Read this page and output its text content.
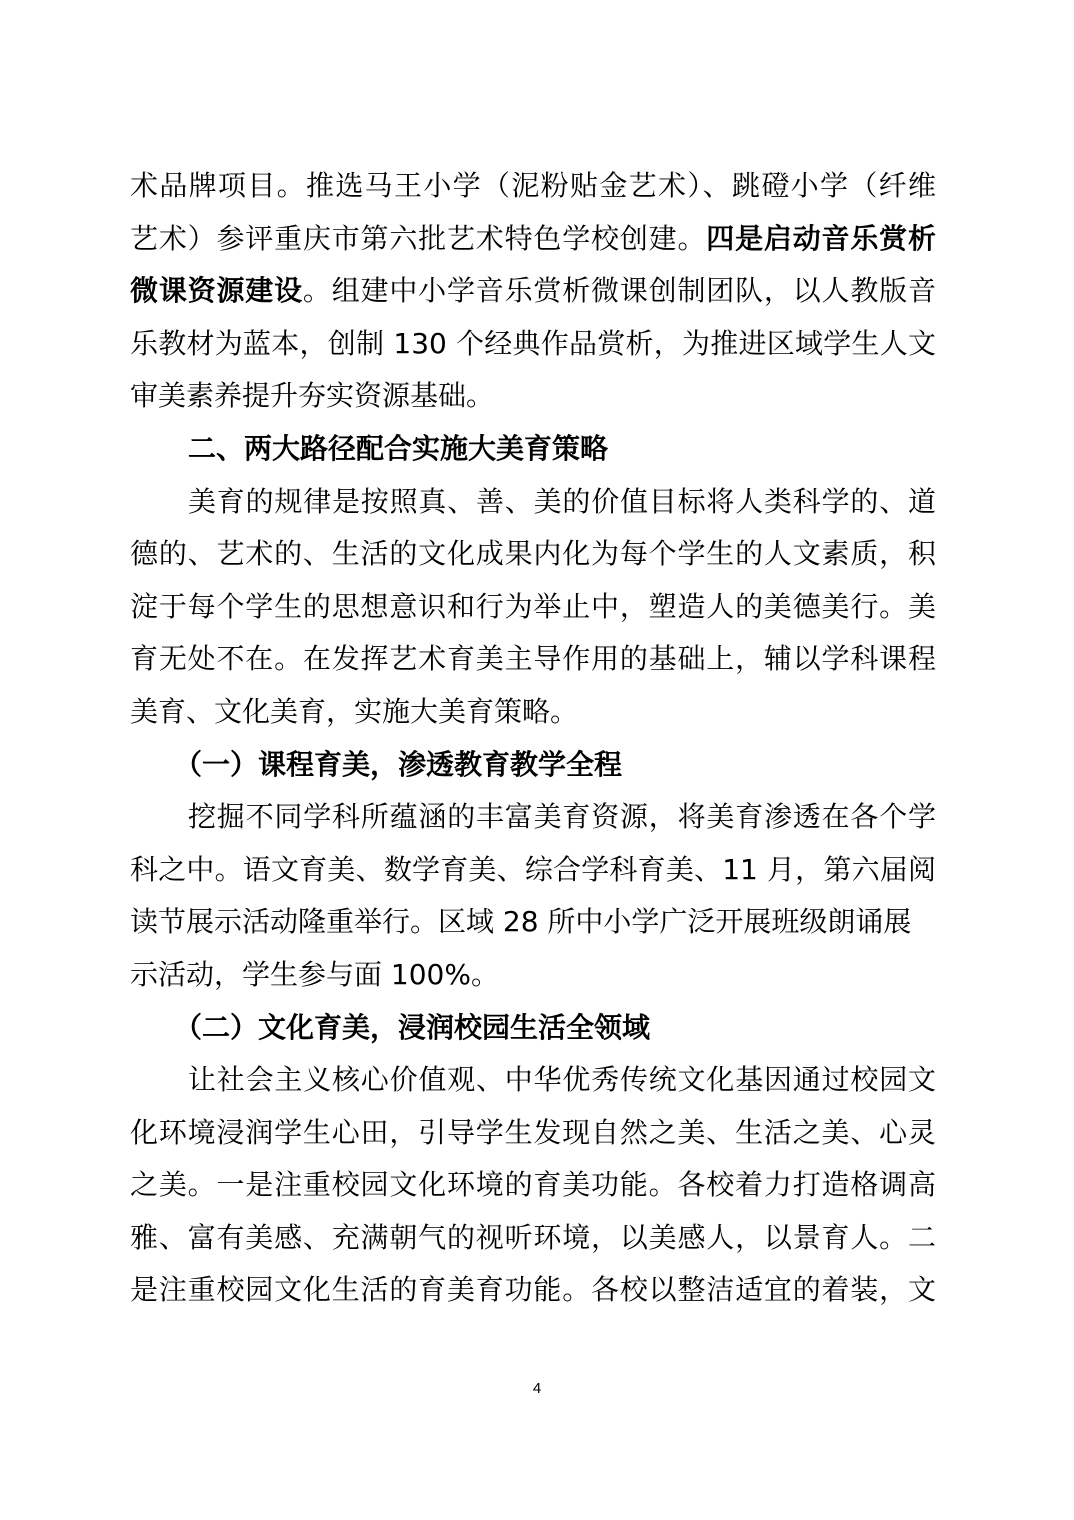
术品牌项目。推选马王小学（泥粉贴金艺术）、跳磴小学（纤维
艺术）参评重庆市第六批艺术特色学校创建。四是启动音乐赏析
微课资源建设。组建中小学音乐赏析微课创制团队，以人教版音
乐教材为蓝本，创制 130 个经典作品赏析，为推进区域学生人文
审美素养提升夯实资源基础。
二、两大路径配合实施大美育策略
美育的规律是按照真、善、美的价值目标将人类科学的、道
德的、艺术的、生活的文化成果内化为每个学生的人文素质，积
淀于每个学生的思想意识和行为举止中，塑造人的美德美行。美
育无处不在。在发挥艺术育美主导作用的基础上，辅以学科课程
美育、文化美育，实施大美育策略。
（一）课程育美，渗透教育教学全程
挖掘不同学科所蕴涵的丰富美育资源，将美育渗透在各个学
科之中。语文育美、数学育美、综合学科育美、11 月，第六届阅
读节展示活动隆重举行。区域 28 所中小学广泛开展班级朗诵展
示活动，学生参与面 100%。
（二）文化育美，浸润校园生活全领域
让社会主义核心价值观、中华优秀传统文化基因通过校园文
化环境浸润学生心田，引导学生发现自然之美、生活之美、心灵
之美。一是注重校园文化环境的育美功能。各校着力打造格调高
雅、富有美感、充满朝气的视听环境，以美感人，以景育人。二
是注重校园文化生活的育美育功能。各校以整洁适宜的着装，文
4
